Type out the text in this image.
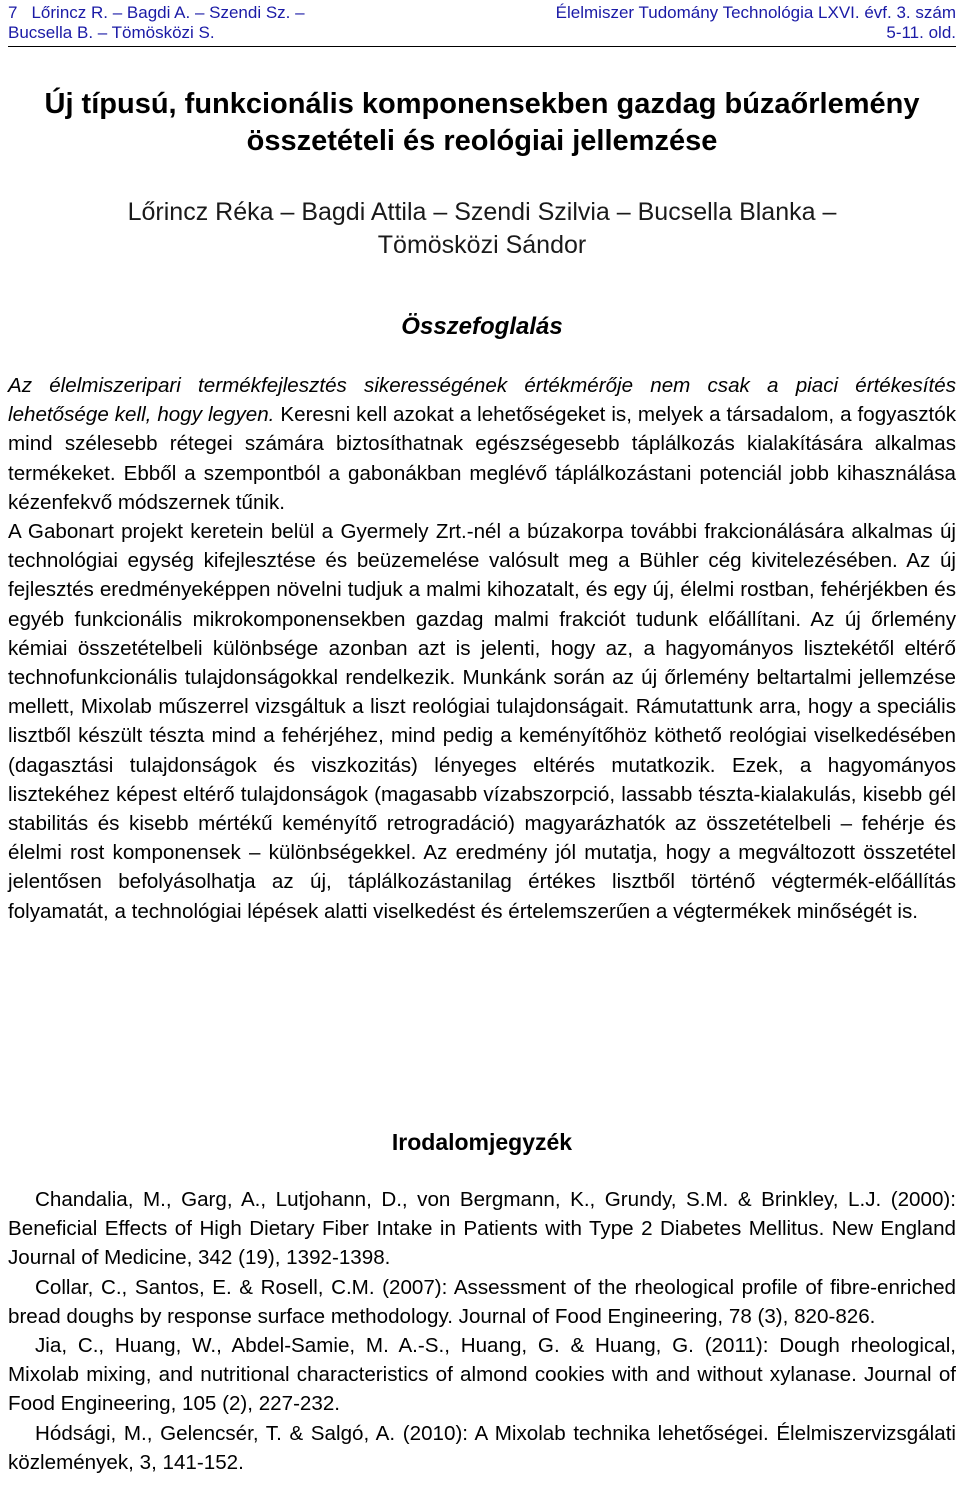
7 Lőrincz R. – Bagdi A. – Szendi Sz. –
Bucsella B. – Tömösközi S.
Élelmiszer Tudomány Technológia LXVI. évf. 3. szám
5-11. old.
Új típusú, funkcionális komponensekben gazdag búzaőrlemény
összetételi és reológiai jellemzése
Lőrincz Réka – Bagdi Attila – Szendi Szilvia – Bucsella Blanka –
Tömösközi Sándor
Összefoglalás

Az élelmiszeripari termékfejlesztés sikerességének értékmérője nem csak a piaci értékesítés lehetősége kell, hogy legyen. Keresni kell azokat a lehetőségeket is, melyek a társadalom, a fogyasztók mind szélesebb rétegei számára biztosíthatnak egészségesebb táplálkozás kialakítására alkalmas termékeket. Ebből a szempontból a gabonákban meglévő táplálkozástani potenciál jobb kihasználása kézenfekvő módszernek tűnik.

A Gabonart projekt keretein belül a Gyermely Zrt.-nél a búzakorpa további frakcionálására alkalmas új technológiai egység kifejlesztése és beüzemelése valósult meg a Bühler cég kivitelezésében. Az új fejlesztés eredményeképpen növelni tudjuk a malmi kihozatalt, és egy új, élelmi rostban, fehérjékben és egyéb funkcionális mikrokomponensekben gazdag malmi frakciót tudunk előállítani. Az új őrlemény kémiai összetételbeli különbsége azonban azt is jelenti, hogy az, a hagyományos lisztekétől eltérő technofunkcionális tulajdonságokkal rendelkezik. Munkánk során az új őrlemény beltartalmi jellemzése mellett, Mixolab műszerrel vizsgáltuk a liszt reológiai tulajdonságait. Rámutattunk arra, hogy a speciális lisztből készült tészta mind a fehérjéhez, mind pedig a keményítőhöz köthető reológiai viselkedésében (dagasztási tulajdonságok és viszkozitás) lényeges eltérés mutatkozik. Ezek, a hagyományos lisztekéhez képest eltérő tulajdonságok (magasabb vízabszorpció, lassabb tészta-kialakulás, kisebb gél stabilitás és kisebb mértékű keményítő retrogradáció) magyarázhatók az összetételbeli – fehérje és élelmi rost komponensek – különbségekkel. Az eredmény jól mutatja, hogy a megváltozott összetétel jelentősen befolyásolhatja az új, táplálkozástanilag értékes lisztből történő végtermék-előállítás folyamatát, a technológiai lépések alatti viselkedést és értelemszerűen a végtermékek minőségét is.

Irodalomjegyzék

Chandalia, M., Garg, A., Lutjohann, D., von Bergmann, K., Grundy, S.M. & Brinkley, L.J. (2000): Beneficial Effects of High Dietary Fiber Intake in Patients with Type 2 Diabetes Mellitus. New England Journal of Medicine, 342 (19), 1392-1398.

Collar, C., Santos, E. & Rosell, C.M. (2007): Assessment of the rheological profile of fibre-enriched bread doughs by response surface methodology. Journal of Food Engineering, 78 (3), 820-826.

Jia, C., Huang, W., Abdel-Samie, M. A.-S., Huang, G. & Huang, G. (2011): Dough rheological, Mixolab mixing, and nutritional characteristics of almond cookies with and without xylanase. Journal of Food Engineering, 105 (2), 227-232.

Hódsági, M., Gelencsér, T. & Salgó, A. (2010): A Mixolab technika lehetőségei. Élelmiszervizsgálati közlemények, 3, 141-152.
